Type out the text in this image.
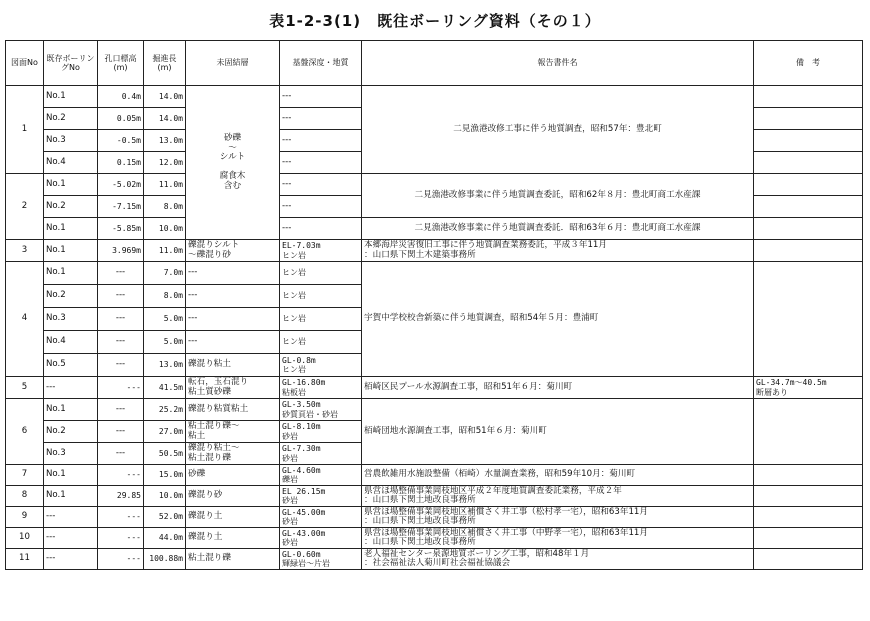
表1-2-3(1)　既往ボーリング資料（その１）
図面No	既存ボーリングNo	孔口標高(m)	掘進長(m)	未固結層	基盤深度・地質	報告書件名	備　考
1	No.1	0.4m	14.0m	砂礫
～
シルト

腐食木
含む	---	二見漁港改修工事に伴う地質調査，昭和57年：豊北町	
	No.2	0.05m	14.0m		---		
	No.3	-0.5m	13.0m		---		
	No.4	0.15m	12.0m		---		
2	No.1	-5.02m	11.0m		---	二見漁港改修事業に伴う地質調査委託，昭和62年８月：豊北町商工水産課	
	No.2	-7.15m	8.0m		---		
	No.1	-5.85m	10.0m		---	二見漁港改修事業に伴う地質調査委託．昭和63年６月：豊北町商工水産課	
3	No.1	3.969m	11.0m	礫混りシルト
～礫混り砂	EL-7.03m
ヒン岩	本郷海岸災害復旧工事に伴う地質調査業務委託，平成３年11月
：山口県下関土木建築事務所	
4	No.1	---	7.0m	---	ヒン岩	宇賀中学校校舎新築に伴う地質調査，昭和54年５月：豊浦町	
	No.2	---	8.0m	---	ヒン岩		
	No.3	---	5.0m	---	ヒン岩		
	No.4	---	5.0m	---	ヒン岩		
	No.5	---	13.0m	礫混り粘土	GL-0.8m
ヒン岩		
5	---	---	41.5m	転石，玉石混り
粘土質砂礫	GL-16.80m
粘板岩	栢崎区民プール水源調査工事，昭和51年６月：菊川町	GL-34.7m～40.5m
断層あり
6	No.1	---	25.2m	礫混り粘質粘土	GL-3.50m
砂質頁岩・砂岩	栢崎団地水源調査工事，昭和51年６月：菊川町	
	No.2	---	27.0m	粘土混り礫～
粘土	GL-8.10m
砂岩		
	No.3	---	50.5m	礫混り粘土～
粘土混り礫	GL-7.30m
砂岩		
7	No.1	---	15.0m	砂礫	GL-4.60m
礫岩	営農飲雑用水施設整備（栢崎）水量調査業務，昭和59年10月：菊川町	
8	No.1	29.85	10.0m	礫混り砂	EL 26.15m
砂岩	県営ほ場整備事業岡枝地区平成２年度地質調査委託業務，平成２年
：山口県下関土地改良事務所	
9	---	---	52.0m	礫混り土	GL-45.00m
砂岩	県営ほ場整備事業岡枝地区補償さく井工事（松村孝一宅），昭和63年11月
：山口県下関土地改良事務所	
10	---	---	44.0m	礫混り土	GL-43.00m
砂岩	県営ほ場整備事業岡枝地区補償さく井工事（中野孝一宅），昭和63年11月
：山口県下関土地改良事務所	
11	---	---	100.88m	粘土混り礫	GL-0.60m
輝緑岩～片岩	老人福祉センター泉源地質ボーリング工事，昭和48年１月
：社会福祉法人菊川町社会福祉協議会	
